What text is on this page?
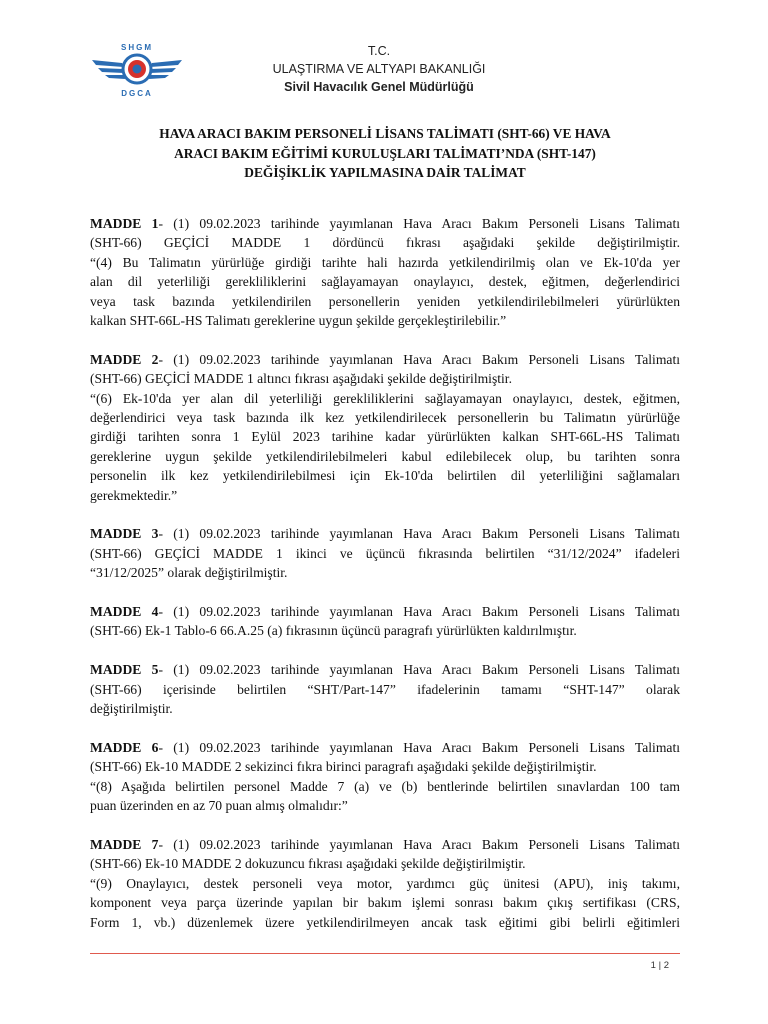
SHGM
DGCA
T.C.
ULAŞTIRMA VE ALTYAPI BAKANLIĞI
Sivil Havacılık Genel Müdürlüğü
HAVA ARACI BAKIM PERSONELİ LİSANS TALİMATI (SHT-66) VE HAVA
ARACI BAKIM EĞİTİMİ KURULUŞLARI TALİMATI’NDA (SHT-147)
DEĞİŞİKLİK YAPILMASINA DAİR TALİMAT
MADDE 1- (1) 09.02.2023 tarihinde yayımlanan Hava Aracı Bakım Personeli Lisans Talimatı
(SHT-66) GEÇİCİ MADDE 1 dördüncü fıkrası aşağıdaki şekilde değiştirilmiştir.
“(4) Bu Talimatın yürürlüğe girdiği tarihte hali hazırda yetkilendirilmiş olan ve Ek-10'da yer
alan dil yeterliliği gerekliliklerini sağlayamayan onaylayıcı, destek, eğitmen, değerlendirici
veya task bazında yetkilendirilen personellerin yeniden yetkilendirilebilmeleri yürürlükten
kalkan SHT-66L-HS Talimatı gereklerine uygun şekilde gerçekleştirilebilir.”
MADDE 2- (1) 09.02.2023 tarihinde yayımlanan Hava Aracı Bakım Personeli Lisans Talimatı
(SHT-66) GEÇİCİ MADDE 1 altıncı fıkrası aşağıdaki şekilde değiştirilmiştir.
“(6) Ek-10'da yer alan dil yeterliliği gerekliliklerini sağlayamayan onaylayıcı, destek, eğitmen,
değerlendirici veya task bazında ilk kez yetkilendirilecek personellerin bu Talimatın yürürlüğe
girdiği tarihten sonra 1 Eylül 2023 tarihine kadar yürürlükten kalkan SHT-66L-HS Talimatı
gereklerine uygun şekilde yetkilendirilebilmeleri kabul edilebilecek olup, bu tarihten sonra
personelin ilk kez yetkilendirilebilmesi için Ek-10'da belirtilen dil yeterliliğini sağlamaları
gerekmektedir.”
MADDE 3- (1) 09.02.2023 tarihinde yayımlanan Hava Aracı Bakım Personeli Lisans Talimatı
(SHT-66) GEÇİCİ MADDE 1 ikinci ve üçüncü fıkrasında belirtilen “31/12/2024” ifadeleri
“31/12/2025” olarak değiştirilmiştir.
MADDE 4- (1) 09.02.2023 tarihinde yayımlanan Hava Aracı Bakım Personeli Lisans Talimatı
(SHT-66) Ek-1 Tablo-6 66.A.25 (a) fıkrasının üçüncü paragrafı yürürlükten kaldırılmıştır.
MADDE 5- (1) 09.02.2023 tarihinde yayımlanan Hava Aracı Bakım Personeli Lisans Talimatı
(SHT-66) içerisinde belirtilen “SHT/Part-147” ifadelerinin tamamı “SHT-147” olarak
değiştirilmiştir.
MADDE 6- (1) 09.02.2023 tarihinde yayımlanan Hava Aracı Bakım Personeli Lisans Talimatı
(SHT-66) Ek-10 MADDE 2 sekizinci fıkra birinci paragrafı aşağıdaki şekilde değiştirilmiştir.
“(8) Aşağıda belirtilen personel Madde 7 (a) ve (b) bentlerinde belirtilen sınavlardan 100 tam
puan üzerinden en az 70 puan almış olmalıdır:”
MADDE 7- (1) 09.02.2023 tarihinde yayımlanan Hava Aracı Bakım Personeli Lisans Talimatı
(SHT-66) Ek-10 MADDE 2 dokuzuncu fıkrası aşağıdaki şekilde değiştirilmiştir.
“(9) Onaylayıcı, destek personeli veya motor, yardımcı güç ünitesi (APU), iniş takımı,
komponent veya parça üzerinde yapılan bir bakım işlemi sonrası bakım çıkış sertifikası (CRS,
Form 1, vb.) düzenlemek üzere yetkilendirilmeyen ancak task eğitimi gibi belirli eğitimleri
1 | 2
